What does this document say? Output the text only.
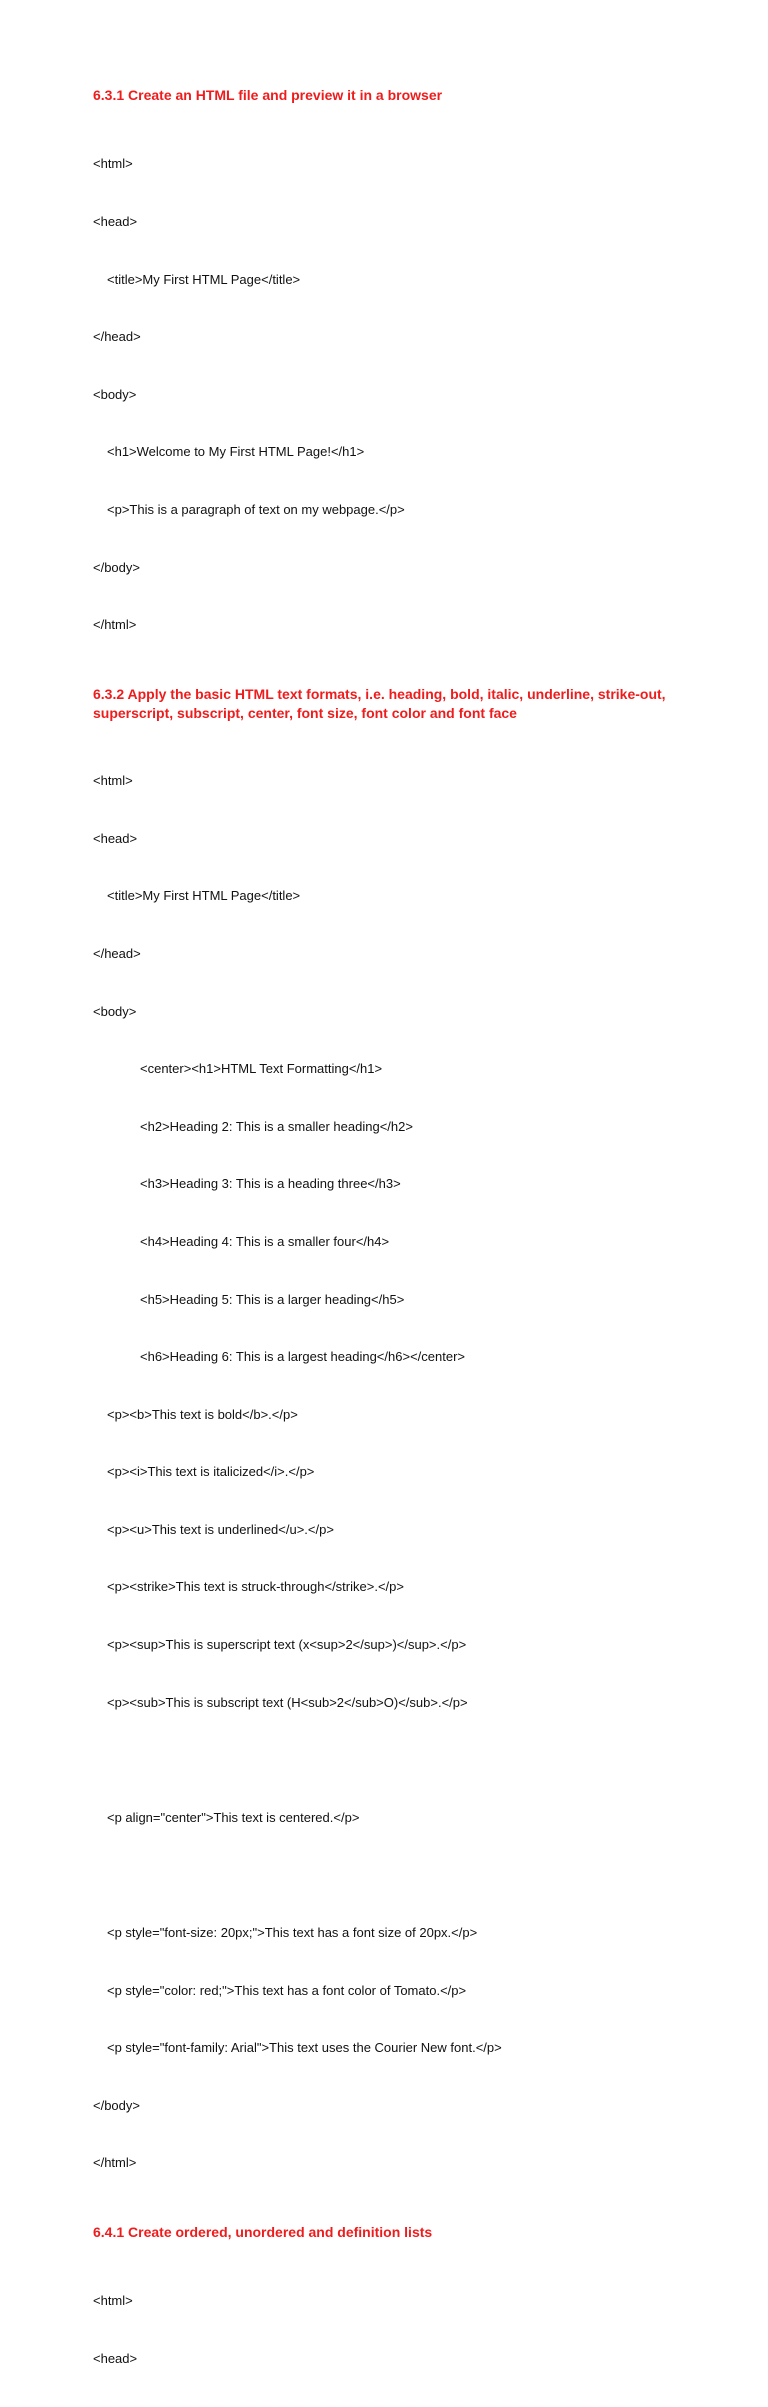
6.3.1 Create an HTML file and preview it in a browser

<html>

<head>

<title>My First HTML Page</title>

</head>

<body>

<h1>Welcome to My First HTML Page!</h1>

<p>This is a paragraph of text on my webpage.</p>

</body>

</html>

6.3.2 Apply the basic HTML text formats, i.e. heading, bold, italic, underline, strike-out,

superscript, subscript, center, font size, font color and font face

<html>

<head>

<title>My First HTML Page</title>

</head>

<body>

<center><h1>HTML Text Formatting</h1>

<h2>Heading 2: This is a smaller heading</h2>

<h3>Heading 3: This is a heading three</h3>

<h4>Heading 4: This is a smaller four</h4>

<h5>Heading 5: This is a larger heading</h5>

<h6>Heading 6: This is a largest heading</h6></center>

<p><b>This text is bold</b>.</p>

<p><i>This text is italicized</i>.</p>

<p><u>This text is underlined</u>.</p>

<p><strike>This text is struck-through</strike>.</p>

<p><sup>This is superscript text (x<sup>2</sup>)</sup>.</p>

<p><sub>This is subscript text (H<sub>2</sub>O)</sub>.</p>

<p align="center">This text is centered.</p>

<p style="font-size: 20px;">This text has a font size of 20px.</p>

<p style="color: red;">This text has a font color of Tomato.</p>

<p style="font-family: Arial">This text uses the Courier New font.</p>

</body>

</html>

6.4.1 Create ordered, unordered and definition lists

<html>

<head>
